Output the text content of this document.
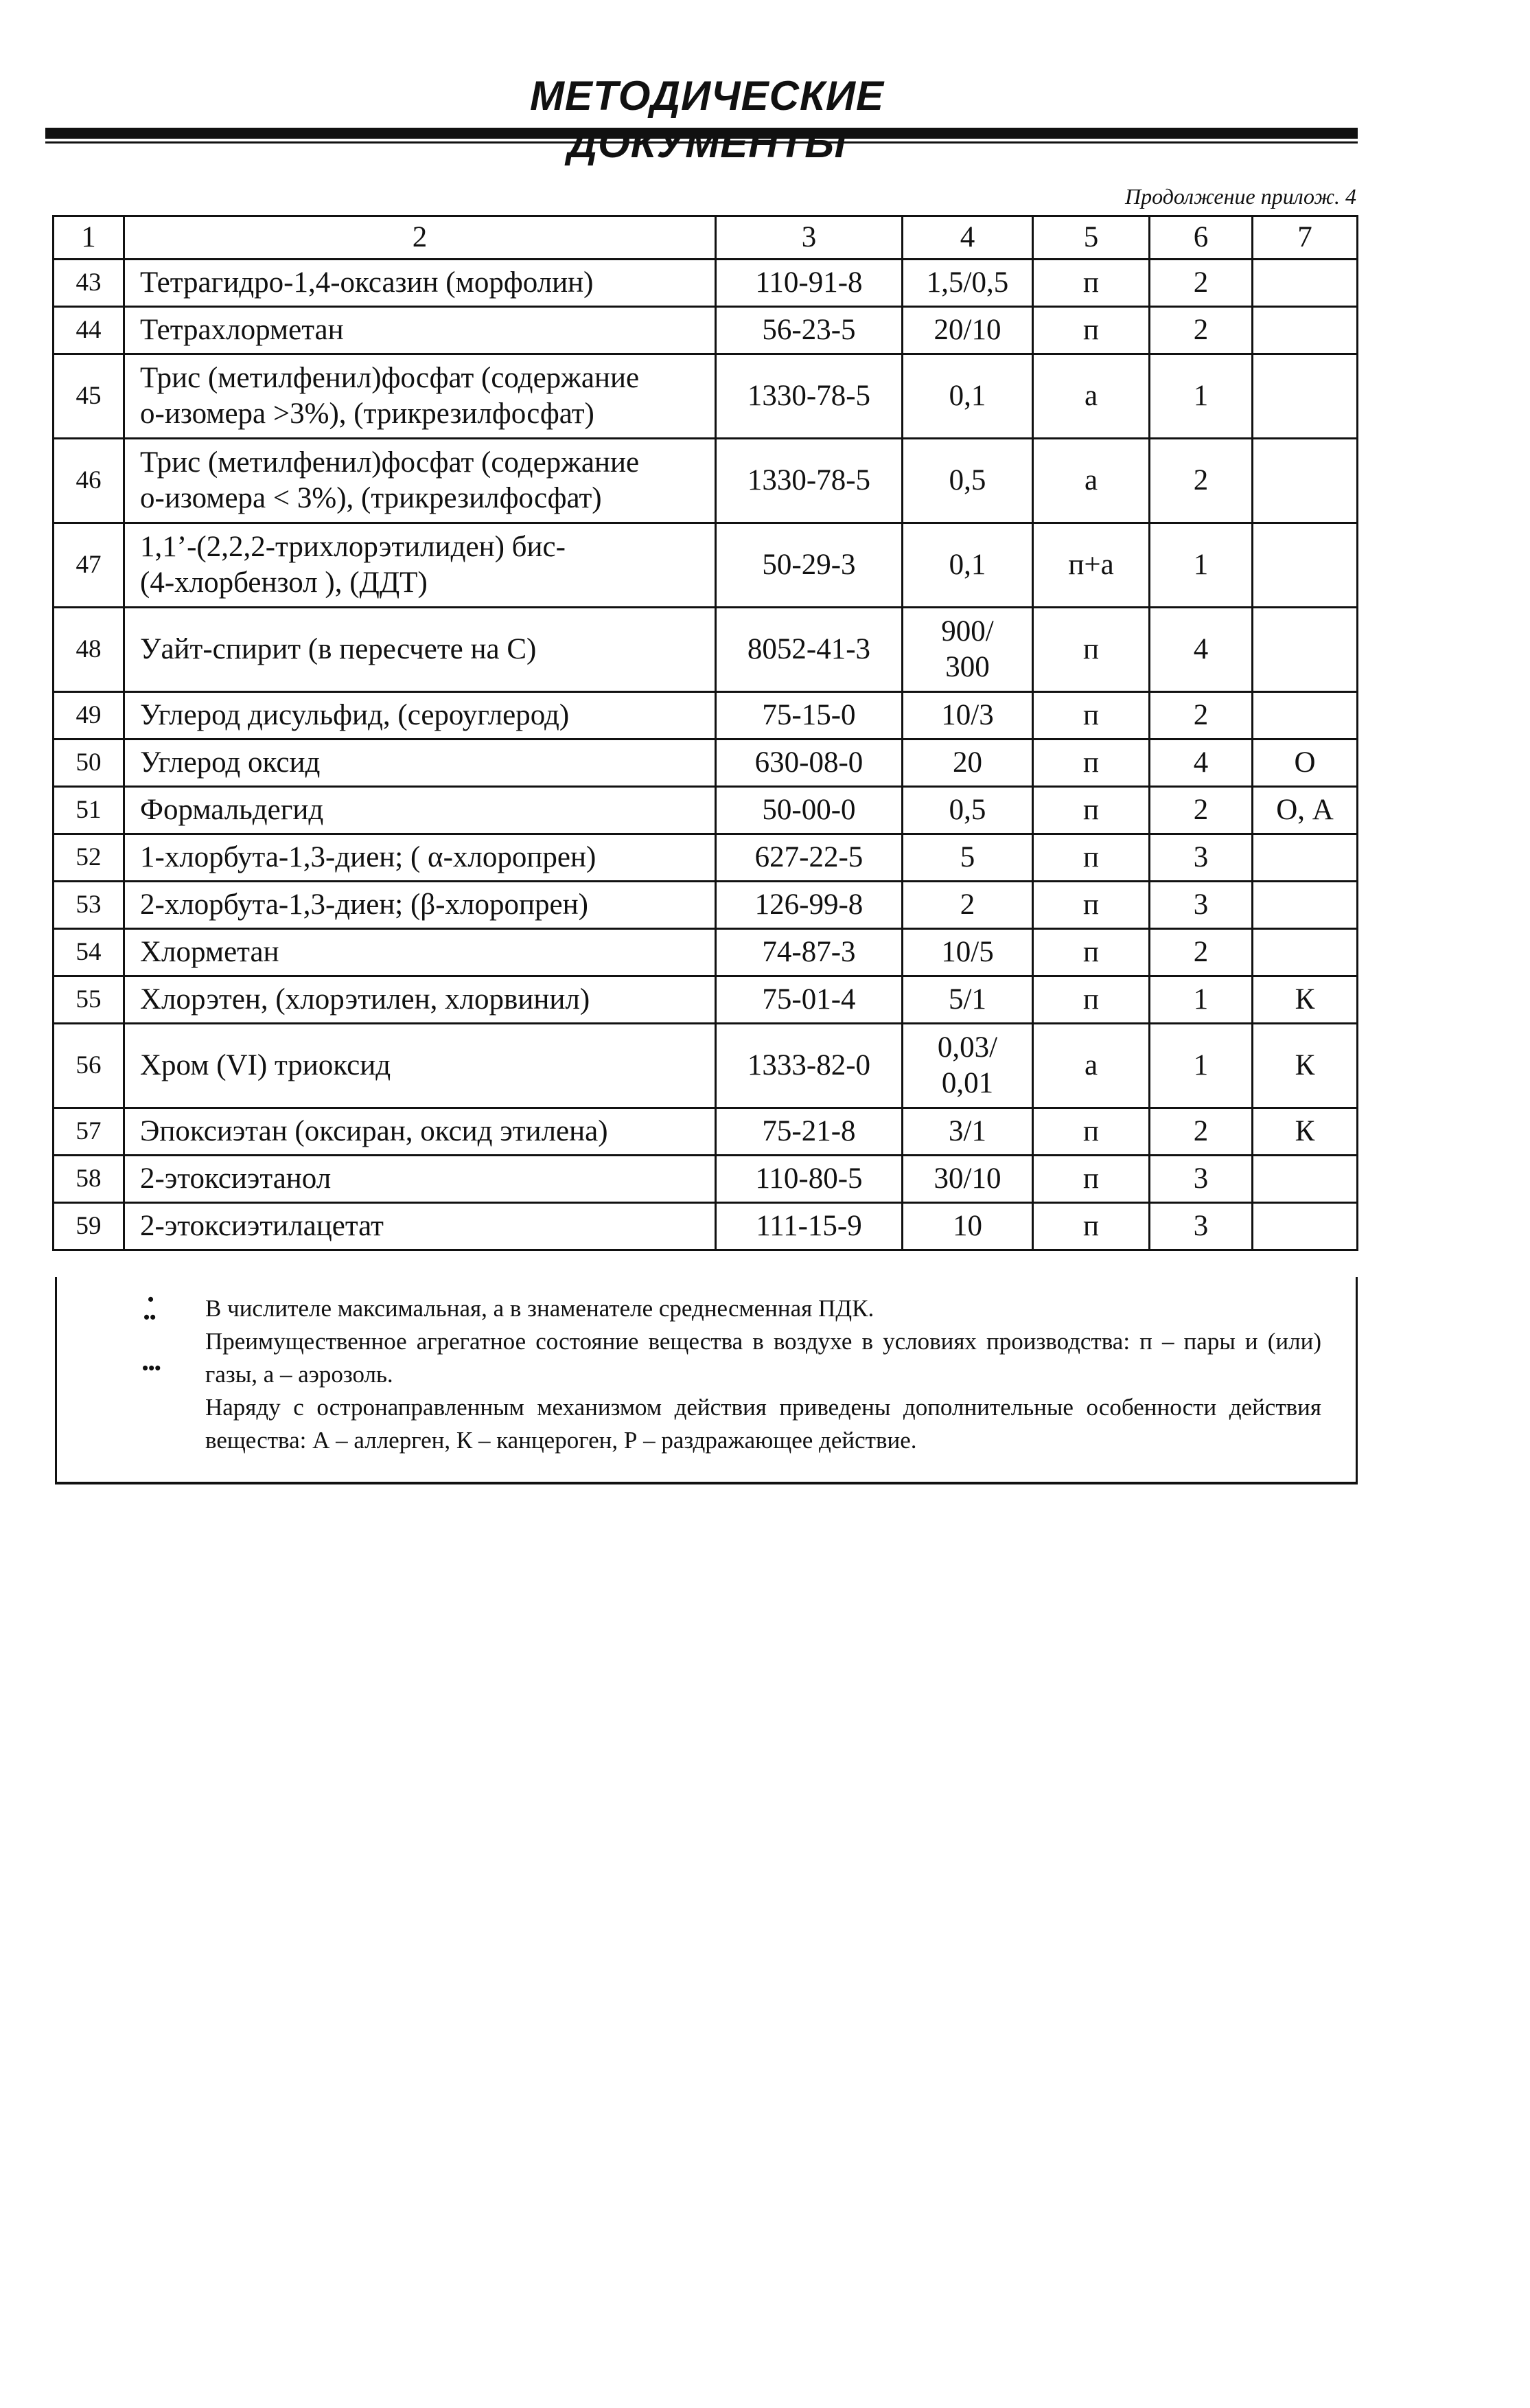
МЕТОДИЧЕСКИЕ
Продолжение прилож. 4
1	2	3	4	5	6	7
43	Тетрагидро-1,4-оксазин (морфолин)	110-91-8	1,5/0,5	п	2	
44	Тетрахлорметан	56-23-5	20/10	п	2	
45	Трис (метилфенил)фосфат (содержание
о-изомера >3%), (трикрезилфосфат)	1330-78-5	0,1	а	1	
46	Трис (метилфенил)фосфат (содержание
о-изомера < 3%), (трикрезилфосфат)	1330-78-5	0,5	а	2	
47	1,1’-(2,2,2-трихлорэтилиден) бис-
(4-хлорбензол ), (ДДТ)	50-29-3	0,1	п+а	1	
48	Уайт-спирит (в пересчете на С)	8052-41-3	900/
300	п	4	
49	Углерод дисульфид, (сероуглерод)	75-15-0	10/3	п	2	
50	Углерод оксид	630-08-0	20	п	4	О
51	Формальдегид	50-00-0	0,5	п	2	О, А
52	1-хлорбута-1,3-диен; ( α-хлоропрен)	627-22-5	5	п	3	
53	2-хлорбута-1,3-диен; (β-хлоропрен)	126-99-8	2	п	3	
54	Хлорметан	74-87-3	10/5	п	2	
55	Хлорэтен, (хлорэтилен, хлорвинил)	75-01-4	5/1	п	1	К
56	Хром (VI) триоксид	1333-82-0	0,03/
0,01	а	1	К
57	Эпоксиэтан (оксиран, оксид этилена)	75-21-8	3/1	п	2	К
58	2-этоксиэтанол	110-80-5	30/10	п	3	
59	2-этоксиэтилацетат	111-15-9	10	п	3	
•
••
•••

В числителе максимальная, а в знаменателе среднесменная ПДК.

Преимущественное агрегатное состояние вещества в воздухе в условиях производства: п – пары и (или) газы, а – аэрозоль.

Наряду с остронаправленным механизмом действия приведены дополнительные особенности действия вещества: А – аллерген, К – канцероген, Р – раздражающее действие.
